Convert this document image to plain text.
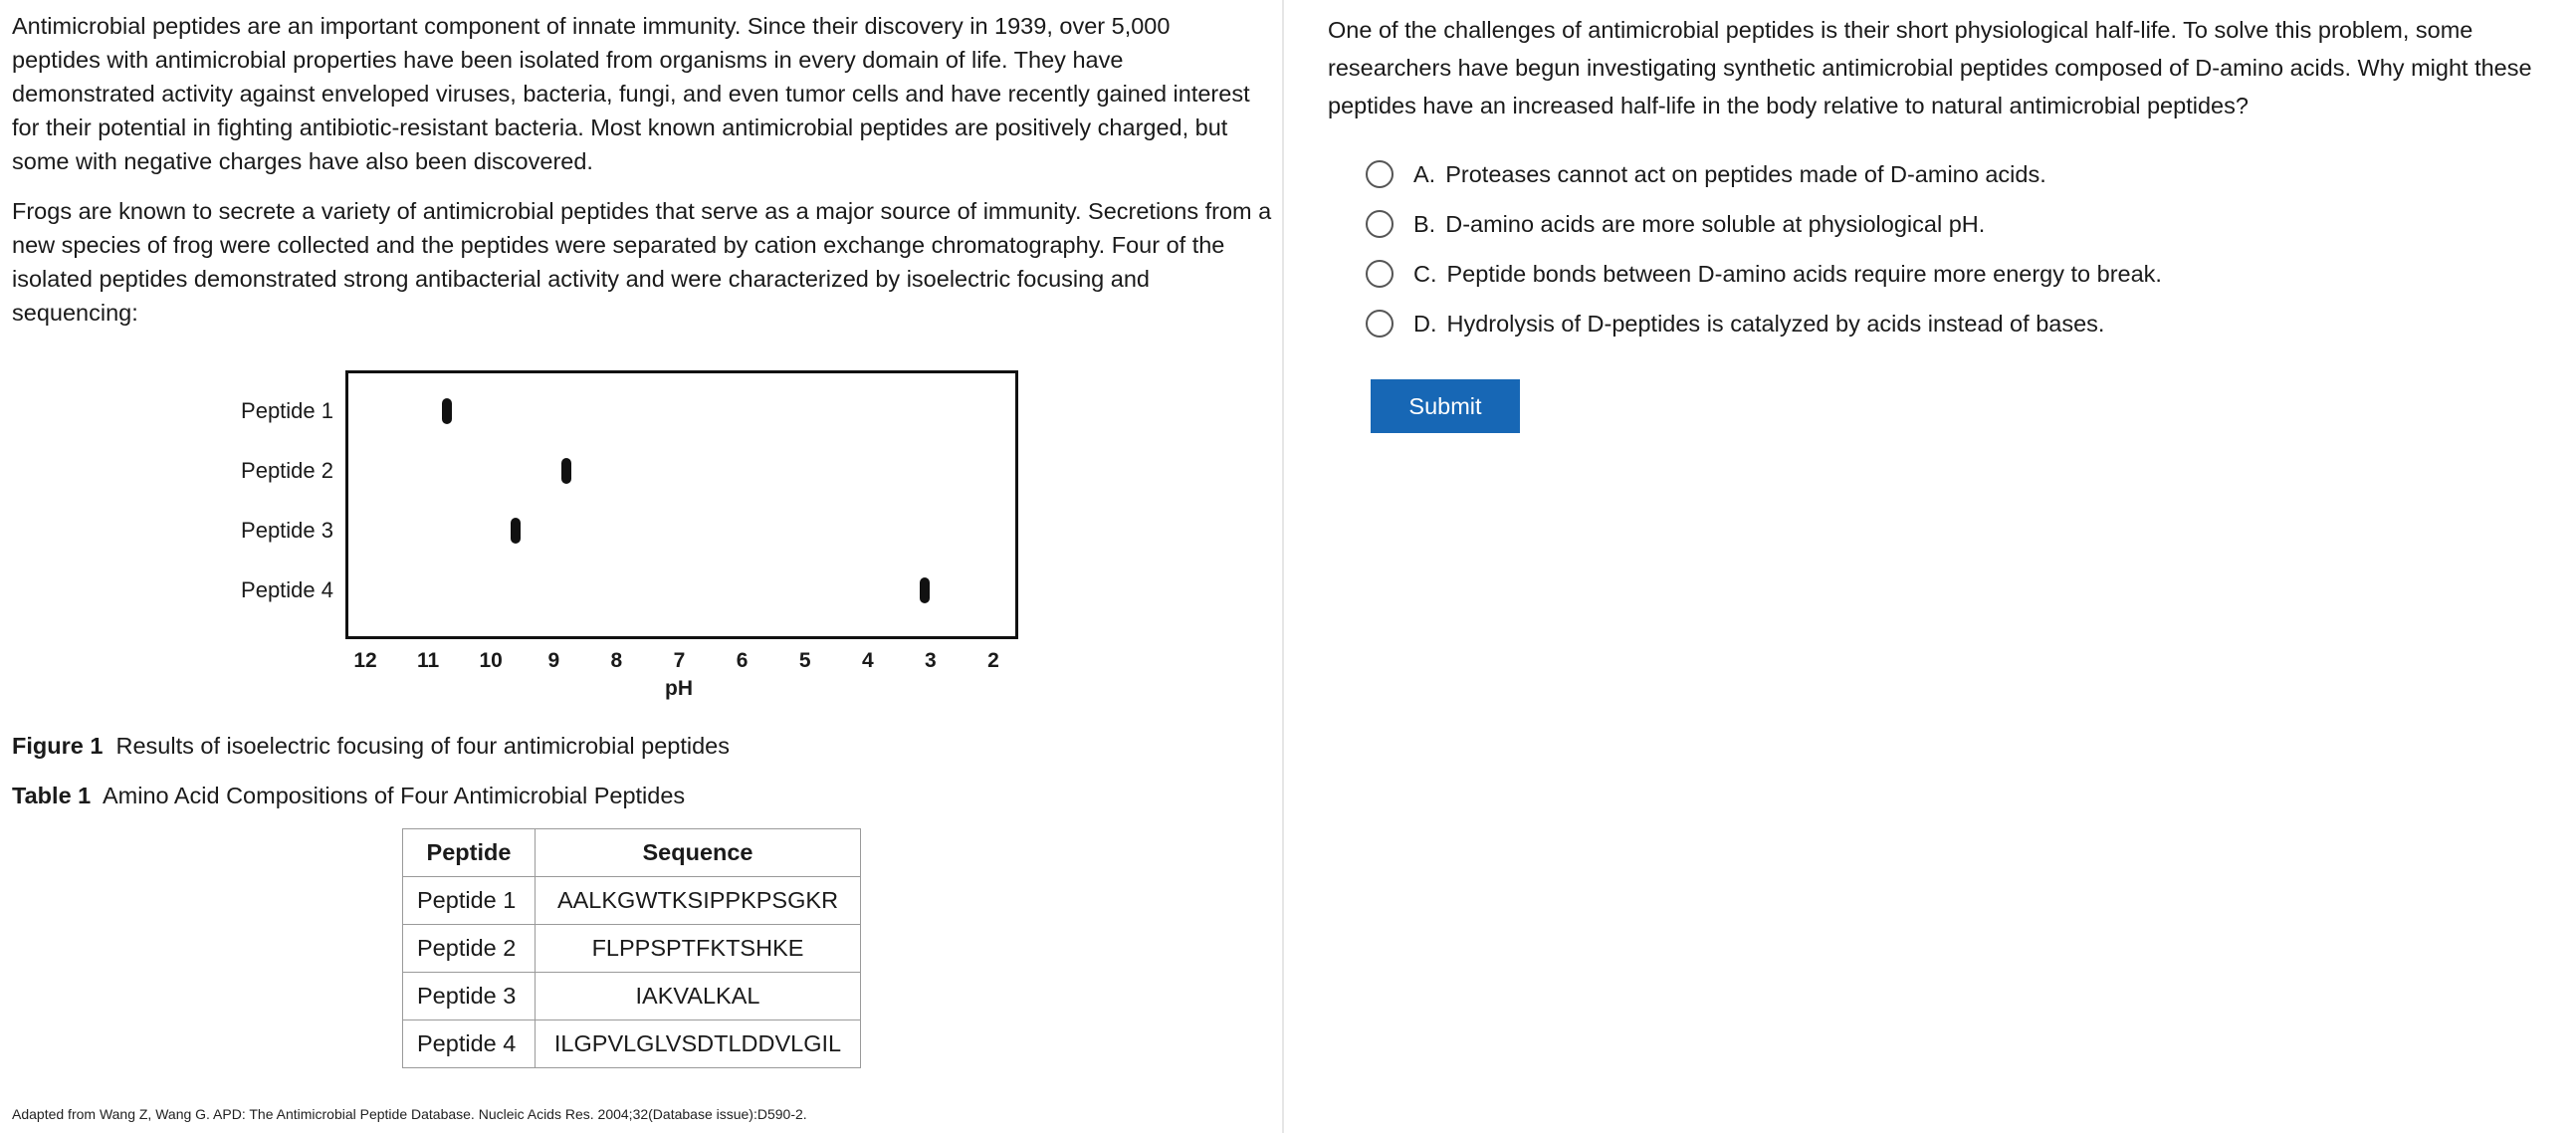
Antimicrobial peptides are an important component of innate immunity. Since their discovery in 1939, over 5,000 peptides with antimicrobial properties have been isolated from organisms in every domain of life. They have demonstrated activity against enveloped viruses, bacteria, fungi, and even tumor cells and have recently gained interest for their potential in fighting antibiotic-resistant bacteria. Most known antimicrobial peptides are positively charged, but some with negative charges have also been discovered.

Frogs are known to secrete a variety of antimicrobial peptides that serve as a major source of immunity. Secretions from a new species of frog were collected and the peptides were separated by cation exchange chromatography. Four of the isolated peptides demonstrated strong antibacterial activity and were characterized by isoelectric focusing and sequencing:

Peptide 1
Peptide 2
Peptide 3
Peptide 4
12 11 10 9 8 7 6 5 4 3 2
pH
Figure 1 Results of isoelectric focusing of four antimicrobial peptides
Table 1 Amino Acid Compositions of Four Antimicrobial Peptides
Peptide	Sequence
Peptide 1	AALKGWTKSIPPKPSGKR
Peptide 2	FLPPSPTFKTSHKE
Peptide 3	IAKVALKAL
Peptide 4	ILGPVLGLVSDTLDDVLGIL
Adapted from Wang Z, Wang G. APD: The Antimicrobial Peptide Database. Nucleic Acids Res. 2004;32(Database issue):D590-2.

One of the challenges of antimicrobial peptides is their short physiological half-life. To solve this problem, some researchers have begun investigating synthetic antimicrobial peptides composed of D-amino acids. Why might these peptides have an increased half-life in the body relative to natural antimicrobial peptides?

A. Proteases cannot act on peptides made of D-amino acids.
B. D-amino acids are more soluble at physiological pH.
C. Peptide bonds between D-amino acids require more energy to break.
D. Hydrolysis of D-peptides is catalyzed by acids instead of bases.
Submit
